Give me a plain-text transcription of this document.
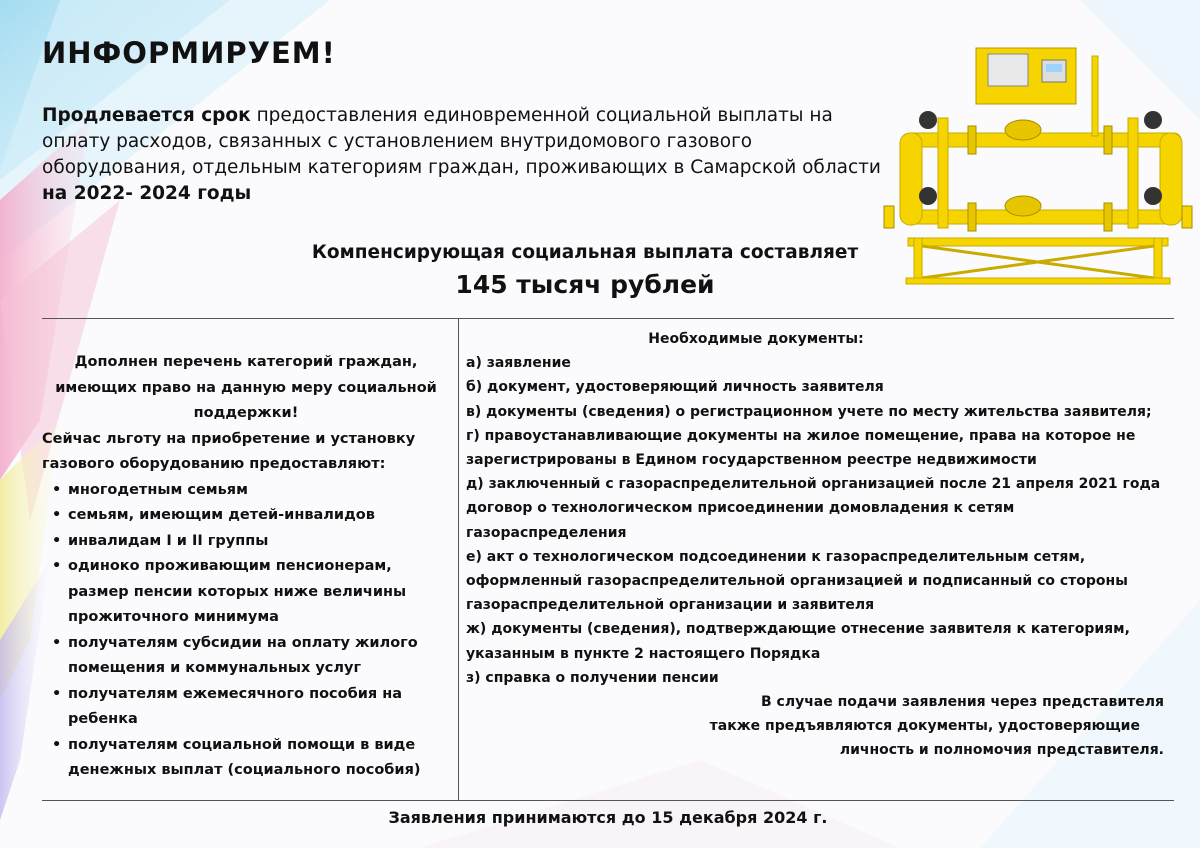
ИНФОРМИРУЕМ!
Продлевается срок предоставления единовременной социальной выплаты на оплату расходов, связанных с установлением внутридомового газового оборудования, отдельным категориям граждан, проживающих в Самарской области на 2022- 2024 годы
Компенсирующая социальная выплата составляет
145 тысяч рублей
Дополнен перечень категорий граждан, имеющих право на данную меру социальной поддержки!
Сейчас льготу на приобретение и установку газового оборудованию предоставляют:
• многодетным семьям
• семьям, имеющим детей-инвалидов
• инвалидам I и II группы
• одиноко проживающим пенсионерам, размер пенсии которых ниже величины прожиточного минимума
• получателям субсидии на оплату жилого помещения и коммунальных услуг
• получателям ежемесячного пособия на ребенка
• получателям социальной помощи в виде денежных выплат (социального пособия)
Необходимые документы:
а) заявление
б) документ, удостоверяющий личность заявителя
в) документы (сведения) о регистрационном учете по месту жительства заявителя;
г) правоустанавливающие документы на жилое помещение, права на которое не зарегистрированы в Едином государственном реестре недвижимости
д) заключенный с газораспределительной организацией после 21 апреля 2021 года договор о технологическом присоединении домовладения к сетям газораспределения
е) акт о технологическом подсоединении к газораспределительным сетям, оформленный газораспределительной организацией и подписанный со стороны газораспределительной организации и заявителя
ж) документы (сведения), подтверждающие отнесение заявителя к категориям, указанным в пункте 2 настоящего Порядка
з) справка о получении пенсии
В случае подачи заявления через представителя
также предъявляются документы, удостоверяющие
личность и полномочия представителя.
Заявления принимаются до 15 декабря 2024 г.
